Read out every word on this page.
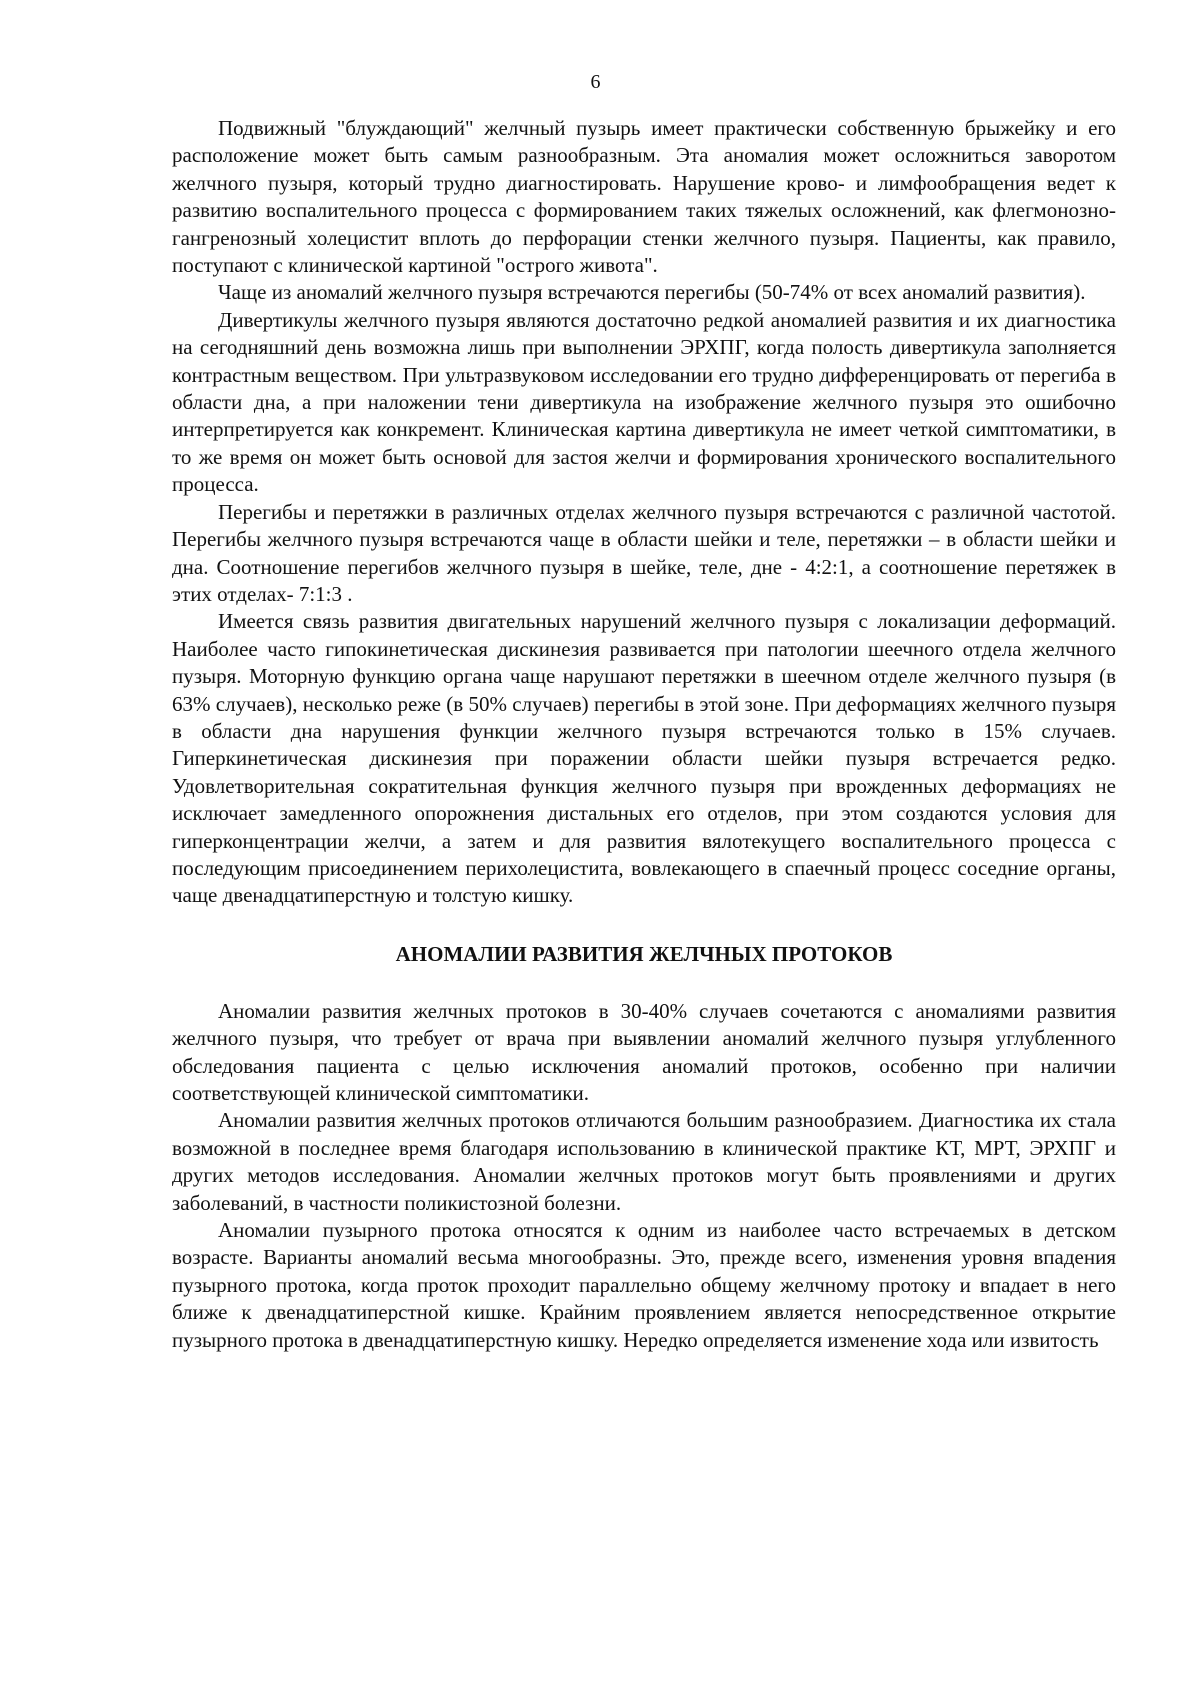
6

Подвижный "блуждающий" желчный пузырь имеет практически собственную брыжейку и его расположение может быть самым разнообразным. Эта аномалия может осложниться заворотом желчного пузыря, который трудно диагностировать. Нарушение крово- и лимфообращения ведет к развитию воспалительного процесса с формированием таких тяжелых осложнений, как флегмонозно-гангренозный холецистит вплоть до перфорации стенки желчного пузыря. Пациенты, как правило, поступают с клинической картиной "острого живота".

Чаще из аномалий желчного пузыря встречаются перегибы (50-74% от всех аномалий развития).

Дивертикулы желчного пузыря являются достаточно редкой аномалией развития и их диагностика на сегодняшний день возможна лишь при выполнении ЭРХПГ, когда полость дивертикула заполняется контрастным веществом. При ультразвуковом исследовании его трудно дифференцировать от перегиба в области дна, а при наложении тени дивертикула на изображение желчного пузыря это ошибочно интерпретируется как конкремент. Клиническая картина дивертикула не имеет четкой симптоматики, в то же время он может быть основой для застоя желчи и формирования хронического воспалительного процесса.

Перегибы и перетяжки в различных отделах желчного пузыря встречаются с различной частотой. Перегибы желчного пузыря встречаются чаще в области шейки и теле, перетяжки – в области шейки и дна. Соотношение перегибов желчного пузыря в шейке, теле, дне - 4:2:1, а соотношение перетяжек в этих отделах- 7:1:3 .

Имеется связь развития двигательных нарушений желчного пузыря с локализации деформаций. Наиболее часто гипокинетическая дискинезия развивается при патологии шеечного отдела желчного пузыря. Моторную функцию органа чаще нарушают перетяжки в шеечном отделе желчного пузыря (в 63% случаев), несколько реже (в 50% случаев) перегибы в этой зоне. При деформациях желчного пузыря в области дна нарушения функции желчного пузыря встречаются только в 15% случаев. Гиперкинетическая дискинезия при поражении области шейки пузыря встречается редко. Удовлетворительная сократительная функция желчного пузыря при врожденных деформациях не исключает замедленного опорожнения дистальных его отделов, при этом создаются условия для гиперконцентрации желчи, а затем и для развития вялотекущего воспалительного процесса с последующим присоединением перихолецистита, вовлекающего в спаечный процесс соседние органы, чаще двенадцатиперстную и толстую кишку.

АНОМАЛИИ РАЗВИТИЯ ЖЕЛЧНЫХ ПРОТОКОВ

Аномалии развития желчных протоков в 30-40% случаев сочетаются с аномалиями развития желчного пузыря, что требует от врача при выявлении аномалий желчного пузыря углубленного обследования пациента с целью исключения аномалий протоков, особенно при наличии соответствующей клинической симптоматики.

Аномалии развития желчных протоков отличаются большим разнообразием. Диагностика их стала возможной в последнее время благодаря использованию в клинической практике КТ, МРТ, ЭРХПГ и других методов исследования. Аномалии желчных протоков могут быть проявлениями и других заболеваний, в частности поликистозной болезни.

Аномалии пузырного протока относятся к одним из наиболее часто встречаемых в детском возрасте. Варианты аномалий весьма многообразны. Это, прежде всего, изменения уровня впадения пузырного протока, когда проток проходит параллельно общему желчному протоку и впадает в него ближе к двенадцатиперстной кишке. Крайним проявлением является непосредственное открытие пузырного протока в двенадцатиперстную кишку. Нередко определяется изменение хода или извитость
